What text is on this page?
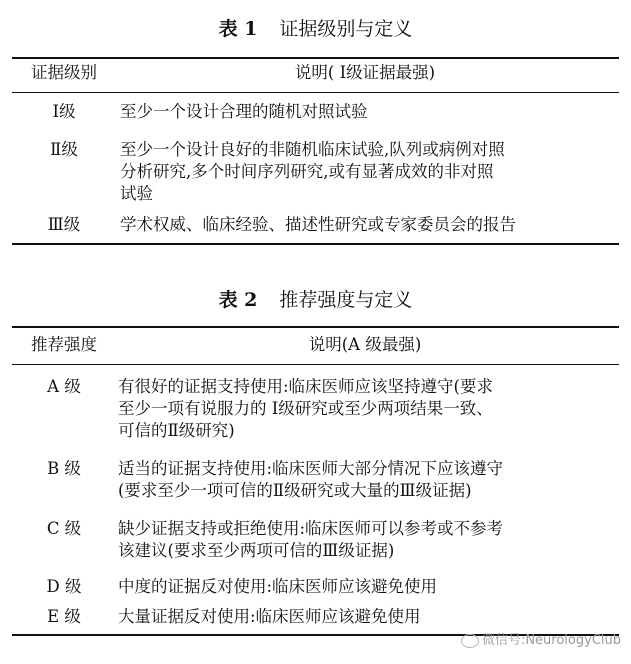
表 1 证据级别与定义
证据级别	说明( Ⅰ级证据最强)
Ⅰ级	至少一个设计合理的随机对照试验
Ⅱ级	至少一个设计良好的非随机临床试验,队列或病例对照
分析研究,多个时间序列研究,或有显著成效的非对照
试验
Ⅲ级	学术权威、临床经验、描述性研究或专家委员会的报告
表 2 推荐强度与定义
推荐强度	说明(A 级最强)
A 级	有很好的证据支持使用:临床医师应该坚持遵守(要求
至少一项有说服力的 Ⅰ级研究或至少两项结果一致、
可信的Ⅱ级研究)
B 级	适当的证据支持使用:临床医师大部分情况下应该遵守
(要求至少一项可信的Ⅱ级研究或大量的Ⅲ级证据)
C 级	缺少证据支持或拒绝使用:临床医师可以参考或不参考
该建议(要求至少两项可信的Ⅲ级证据)
D 级	中度的证据反对使用:临床医师应该避免使用
E 级	大量证据反对使用:临床医师应该避免使用
微信号:NeurologyClub
